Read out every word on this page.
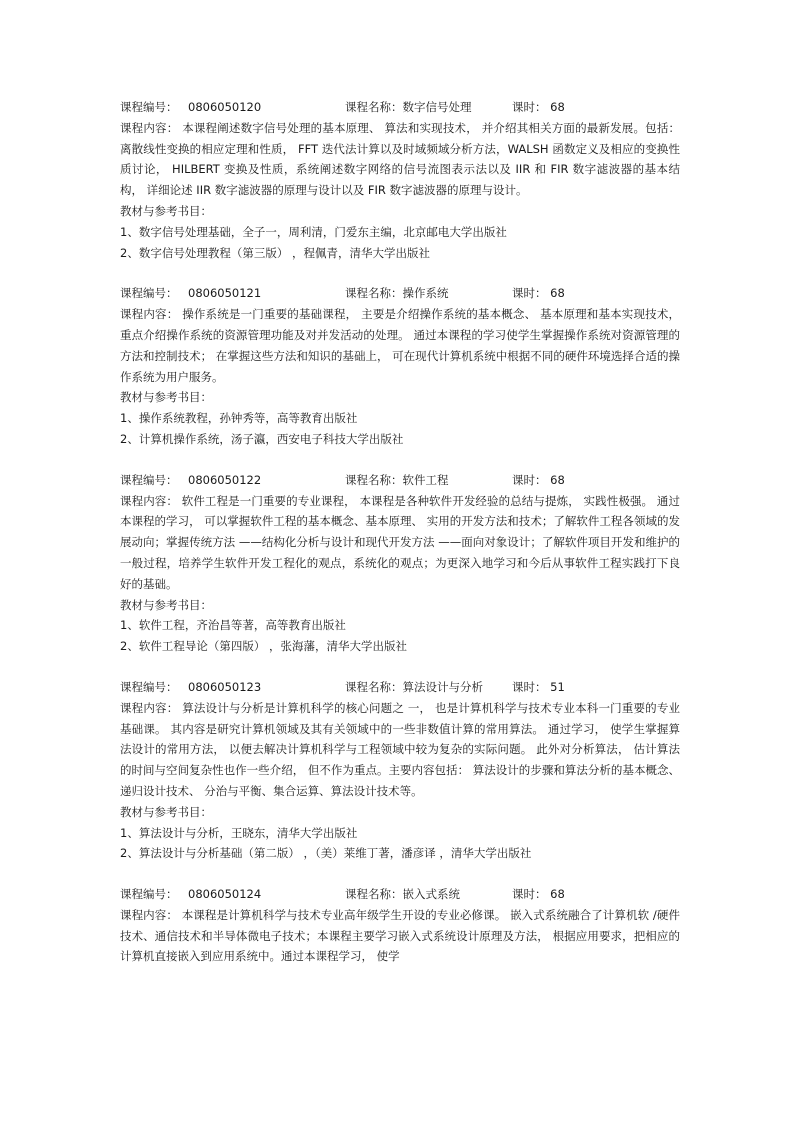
课程编号： 0806050120	课程名称：数字信号处理	课时： 68
课程内容： 本课程阐述数字信号处理的基本原理、 算法和实现技术， 并介绍其相关方面的最新发展。包括：离散线性变换的相应定理和性质， FFT 迭代法计算以及时域频域分析方法，WALSH 函数定义及相应的变换性质讨论， HILBERT 变换及性质，系统阐述数字网络的信号流图表示法以及 IIR 和 FIR 数字滤波器的基本结构， 详细论述 IIR 数字滤波器的原理与设计以及 FIR 数字滤波器的原理与设计。
教材与参考书目：
1、数字信号处理基础，全子一，周利清，门爱东主编，北京邮电大学出版社
2、数字信号处理教程（第三版） ，程佩青，清华大学出版社
课程编号： 0806050121	课程名称：操作系统	课时： 68
课程内容： 操作系统是一门重要的基础课程， 主要是介绍操作系统的基本概念、 基本原理和基本实现技术， 重点介绍操作系统的资源管理功能及对并发活动的处理。 通过本课程的学习使学生掌握操作系统对资源管理的方法和控制技术； 在掌握这些方法和知识的基础上， 可在现代计算机系统中根据不同的硬件环境选择合适的操作系统为用户服务。
教材与参考书目：
1、操作系统教程，孙钟秀等，高等教育出版社
2、计算机操作系统，汤子瀛，西安电子科技大学出版社
课程编号： 0806050122	课程名称：软件工程	课时： 68
课程内容： 软件工程是一门重要的专业课程， 本课程是各种软件开发经验的总结与提炼， 实践性极强。 通过本课程的学习， 可以掌握软件工程的基本概念、基本原理、 实用的开发方法和技术；了解软件工程各领域的发展动向；掌握传统方法 ——结构化分析与设计和现代开发方法 ——面向对象设计；了解软件项目开发和维护的一般过程，培养学生软件开发工程化的观点，系统化的观点；为更深入地学习和今后从事软件工程实践打下良好的基础。
教材与参考书目：
1、软件工程，齐治昌等著，高等教育出版社
2、软件工程导论（第四版） ，张海藩，清华大学出版社
课程编号： 0806050123	课程名称：算法设计与分析	课时： 51
课程内容： 算法设计与分析是计算机科学的核心问题之 一， 也是计算机科学与技术专业本科一门重要的专业基础课。 其内容是研究计算机领域及其有关领域中的一些非数值计算的常用算法。 通过学习， 使学生掌握算法设计的常用方法， 以便去解决计算机科学与工程领域中较为复杂的实际问题。 此外对分析算法， 估计算法的时间与空间复杂性也作一些介绍， 但不作为重点。主要内容包括： 算法设计的步骤和算法分析的基本概念、 递归设计技术、 分治与平衡、集合运算、算法设计技术等。
教材与参考书目：
1、算法设计与分析，王晓东，清华大学出版社
2、算法设计与分析基础（第二版） ，（美）莱维丁著，潘彦译 ，清华大学出版社
课程编号： 0806050124	课程名称：嵌入式系统	课时： 68
课程内容： 本课程是计算机科学与技术专业高年级学生开设的专业必修课。 嵌入式系统融合了计算机软 /硬件技术、通信技术和半导体微电子技术；本课程主要学习嵌入式系统设计原理及方法， 根据应用要求，把相应的计算机直接嵌入到应用系统中。通过本课程学习， 使学
